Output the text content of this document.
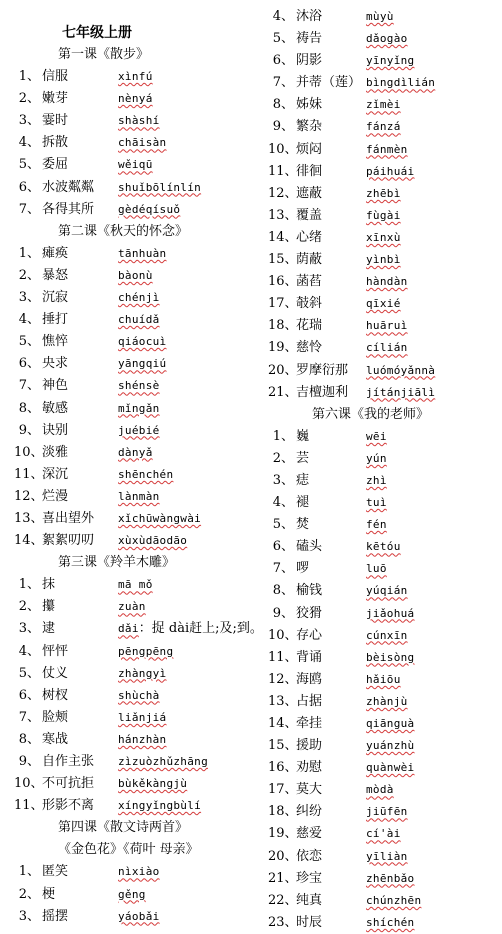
七年级上册
第一课《散步》
1、 信服	xìnfú
2、 嫩芽	nènyá
3、 霎时	shàshí
4、 拆散	chāisàn
5、 委屈	wěiqū
6、 水波粼粼 shuǐbōlínlín
7、 各得其所 gèdéqísuǒ
第二课《秋天的怀念》
1、 瘫痪	tānhuàn
2、 暴怒	bàonù
3、 沉寂	chénjì
4、 捶打	chuídǎ
5、 憔悴	qiáocuì
6、 央求	yāngqiú
7、 神色	shénsè
8、 敏感	mǐngǎn
9、 诀别	juébié
10、淡雅	dànyǎ
11、深沉	shēnchén
12、烂漫	lànmàn
13、喜出望外 xǐchūwàngwài
14、絮絮叨叨 xùxùdāodāo
第三课《羚羊木雕》
1、 抹	mā mǒ
2、 攥	zuàn
3、 逮	dǎi：捉 dài赶上;及;到。
4、 怦怦	pēngpēng
5、 仗义	zhàngyì
6、 树杈	shùchà
7、 脸颊	liǎnjiá
8、 寒战	hánzhàn
9、 自作主张 zìzuòzhǔzhāng
10、不可抗拒 bùkěkàngjù
11、形影不离 xíngyǐngbùlí
第四课《散文诗两首》
《金色花》《荷叶 母亲》
1、 匿笑	nìxiào
2、 梗	gěng
3、 摇摆	yáobǎi
4、 沐浴	mùyù
5、 祷告	dǎogào
6、 阴影	yīnyǐng
7、 并蒂（莲） bìngdìlián
8、 姊妹	zǐmèi
9、 繁杂	fánzá
10、烦闷	fánmèn
11、徘徊	páihuái
12、遮蔽	zhēbì
13、覆盖	fùgài
14、心绪	xīnxù
15、荫蔽	yìnbì
16、菡萏	hàndàn
17、攲斜	qīxié
18、花瑞	huāruì
19、慈怜	cílián
20、罗摩衍那 luómóyǎnnà
21、吉檀迦利 jítánjiālì
第六课《我的老师》
1、 巍	wēi
2、 芸	yún
3、 痣	zhì
4、 褪	tuì
5、 焚	fén
6、 磕头	kētóu
7、 啰	luō
8、 榆钱	yúqián
9、 狡猾	jiǎohuá
10、存心	cúnxīn
11、背诵	bèisòng
12、海鸥	hǎiōu
13、占据	zhànjù
14、牵挂	qiānguà
15、援助	yuánzhù
16、劝慰	quànwèi
17、莫大	mòdà
18、纠纷	jiūfēn
19、慈爱	cí'ài
20、依恋	yīliàn
21、珍宝	zhēnbǎo
22、纯真	chúnzhēn
23、时辰	shíchén
